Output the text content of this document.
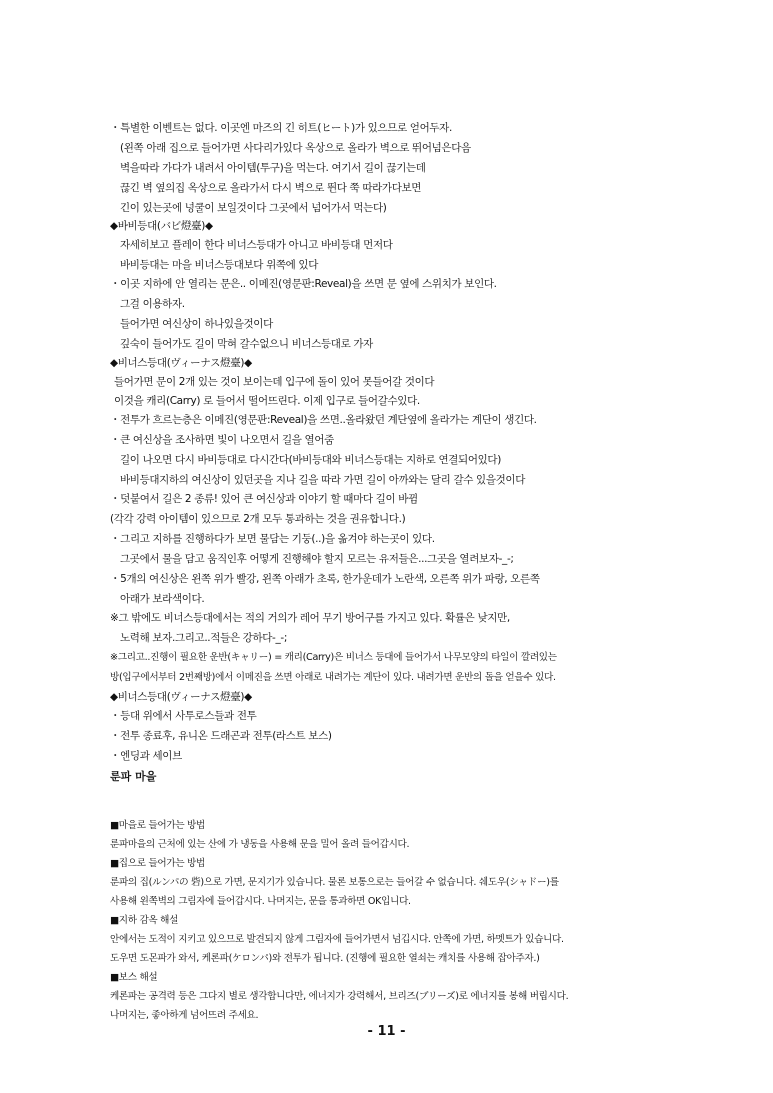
・특별한 이벤트는 없다. 이곳엔 마즈의 긴 히트(ヒート)가 있으므로 얻어두자.
(왼쪽 아래 집으로 들어가면 사다리가있다 옥상으로 올라가 벽으로 뛰어넘은다음
벽을따라 가다가 내려서 아이템(투구)을 먹는다. 여기서 길이 끊기는데
끊긴 벽 옆의집 옥상으로 올라가서 다시 벽으로 뛴다 쭉 따라가다보면
긴이 있는곳에 넝쿨이 보일것이다 그곳에서 넘어가서 먹는다)
◆바비등대(バビ燈臺)◆
자세히보고 플레이 한다 비너스등대가 아니고 바비등대 먼저다
바비등대는 마을 비너스등대보다 위쪽에 있다
・이곳 지하에 안 열리는 문은.. 이메진(영문판:Reveal)을 쓰면 문 옆에 스위치가 보인다.
그걸 이용하자.
들어가면 여신상이 하나있을것이다
깊숙이 들어가도 길이 막혀 갈수없으니 비너스등대로 가자
◆비너스등대(ヴィーナス燈臺)◆
들어가면 문이 2개 있는 것이 보이는데 입구에 돌이 있어 못들어갈 것이다
이것을 캐리(Carry) 로 들어서 떨어뜨린다. 이제 입구로 들어갈수있다.
・전투가 흐르는층은 이메진(영문판:Reveal)을 쓰면..올라왔던 계단옆에 올라가는 계단이 생긴다.
・큰 여신상을 조사하면 빛이 나오면서 길을 열어줌
길이 나오면 다시 바비등대로 다시간다(바비등대와 비너스등대는 지하로 연결되어있다)
바비등대지하의 여신상이 있던곳을 지나 길을 따라 가면 길이 아까와는 달리 갈수 있을것이다
・덧붙여서 길은 2 종류! 있어 큰 여신상과 이야기 할 때마다 길이 바뀜
(각각 강력 아이템이 있으므로 2개 모두 통과하는 것을 권유합니다.)
・그리고 지하를 진행하다가 보면 물담는 기둥(..)을 옮겨야 하는곳이 있다.
그곳에서 물을 담고 움직인후 어떻게 진행해야 할지 모르는 유저들은...그곳을 열려보자-_-;
・5개의 여신상은 왼쪽 위가 빨강, 왼쪽 아래가 초록, 한가운데가 노란색, 오른쪽 위가 파랑, 오른쪽
아래가 보라색이다.
※그 밖에도 비너스등대에서는 적의 거의가 레어 무기 방어구를 가지고 있다. 확률은 낮지만,
노력해 보자.그리고..적들은 강하다-_-;
※그리고..진행이 필요한 운반(キャリー) = 캐리(Carry)은 비너스 등대에 들어가서 나무모양의 타일이 깔려있는
방(입구에서부터 2번째방)에서 이메진을 쓰면 아래로 내려가는 계단이 있다. 내려가면 운반의 돌을 얻을수 있다.
◆비너스등대(ヴィーナス燈臺)◆
・등대 위에서 사투로스들과 전투
・전투 종료후, 유니온 드래곤과 전투(라스트 보스)
・엔딩과 세이브
■마을로 들어가는 방법
룬파마을의 근처에 있는 산에 가 냉동을 사용해 문을 밀어 올려 들어갑시다.
■집으로 들어가는 방법
룬파의 집(ルンパの 砦)으로 가면, 문지기가 있습니다. 물론 보통으로는 들어갈 수 없습니다. 쉐도우(シャドー)를
사용해 왼쪽벽의 그림자에 들어갑시다. 나머지는, 문을 통과하면 OK입니다.
■지하 감옥 해설
안에서는 도적이 지키고 있으므로 발견되지 않게 그림자에 들어가면서 넘깁시다. 안쪽에 가면, 하멧트가 있습니다.
도우면 도몬파가 와서, 케론파(ケロンパ)와 전투가 됩니다. (진행에 필요한 열쇠는 캐치를 사용해 잡아주자.)
■보스 해설
케론파는 공격력 등은 그다지 별로 생각합니다만, 에너지가 강력해서, 브리즈(ブリーズ)로 에너지를 봉해 버립시다.
나머지는, 좋아하게 넘어뜨려 주세요.
룬파 마을
- 11 -
